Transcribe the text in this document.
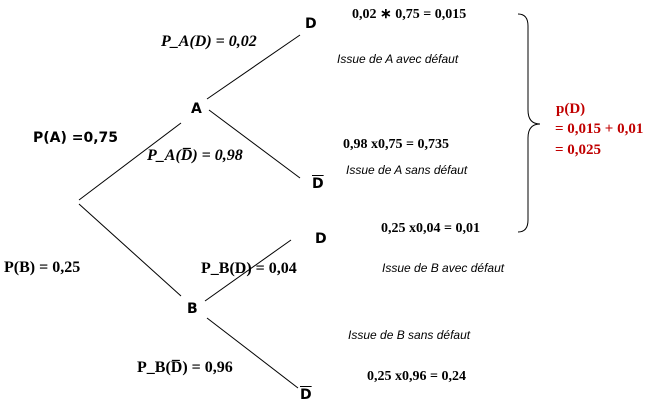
A
B
D
$\overline{D}$
D
$\overline{D}$
P(A) =0,75
P(B) = 0,25
P_A(D) = 0,02
P_A(D̅) = 0,98
P_B(D) = 0,04
P_B(D̅) = 0,96
0,02 ∗ 0,75 = 0,015
0,98 x0,75 = 0,735
0,25 x0,04 = 0,01
0,25 x0,96 = 0,24
Issue de A avec défaut
Issue de A sans défaut
Issue de B avec défaut
Issue de B sans défaut
p(D)
= 0,015 + 0,01
= 0,025
